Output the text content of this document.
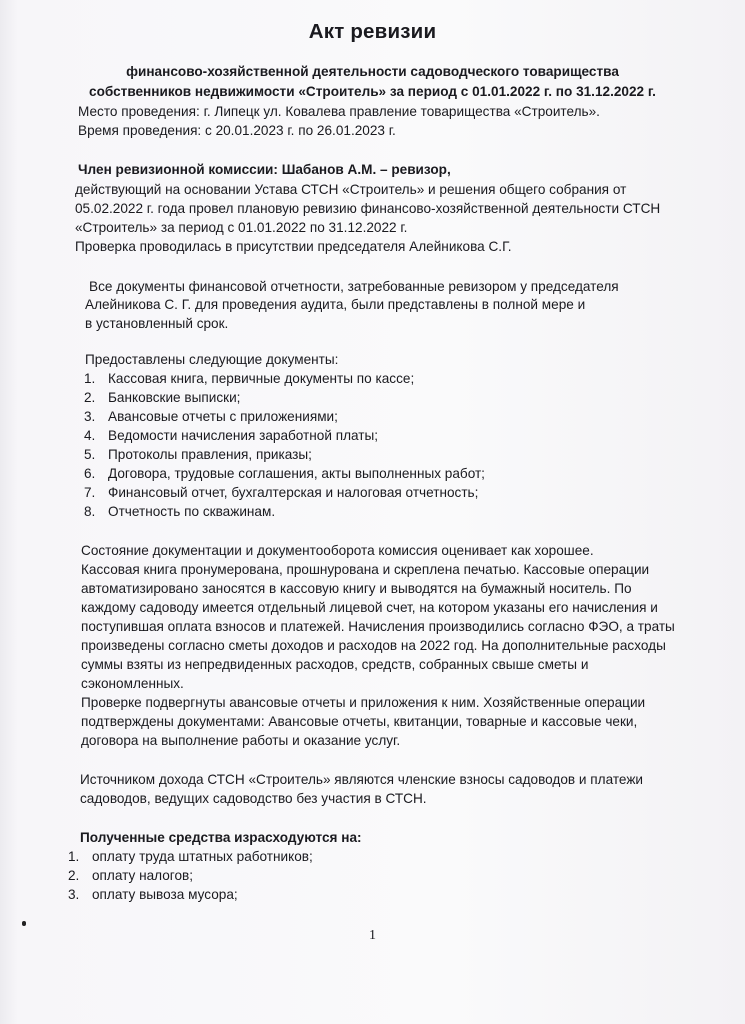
Акт ревизии
финансово-хозяйственной деятельности садоводческого товарищества
собственников недвижимости «Строитель» за период с 01.01.2022 г. по 31.12.2022 г.
Место проведения: г. Липецк ул. Ковалева правление товарищества «Строитель».
Время проведения: с 20.01.2023 г. по 26.01.2023 г.
Член ревизионной комиссии: Шабанов А.М. – ревизор,
действующий на основании Устава СТСН «Строитель» и решения общего собрания от
05.02.2022 г. года провел плановую ревизию финансово-хозяйственной деятельности СТСН
«Строитель» за период с 01.01.2022 по 31.12.2022 г.
Проверка проводилась в присутствии председателя Алейникова С.Г.
Все документы финансовой отчетности, затребованные ревизором у председателя
Алейникова С. Г. для проведения аудита, были представлены в полной мере и
в установленный срок.
Предоставлены следующие документы:
1. Кассовая книга, первичные документы по кассе;
2. Банковские выписки;
3. Авансовые отчеты с приложениями;
4. Ведомости начисления заработной платы;
5. Протоколы правления, приказы;
6. Договора, трудовые соглашения, акты выполненных работ;
7. Финансовый отчет, бухгалтерская и налоговая отчетность;
8. Отчетность по скважинам.
Состояние документации и документооборота комиссия оценивает как хорошее.
Кассовая книга пронумерована, прошнурована и скреплена печатью. Кассовые операции
автоматизировано заносятся в кассовую книгу и выводятся на бумажный носитель. По
каждому садоводу имеется отдельный лицевой счет, на котором указаны его начисления и
поступившая оплата взносов и платежей. Начисления производились согласно ФЭО, а траты
произведены согласно сметы доходов и расходов на 2022 год. На дополнительные расходы
суммы взяты из непредвиденных расходов, средств, собранных свыше сметы и
сэкономленных.
Проверке подвергнуты авансовые отчеты и приложения к ним. Хозяйственные операции
подтверждены документами: Авансовые отчеты, квитанции, товарные и кассовые чеки,
договора на выполнение работы и оказание услуг.
Источником дохода СТСН «Строитель» являются членские взносы садоводов и платежи
садоводов, ведущих садоводство без участия в СТСН.
Полученные средства израсходуются на:
1. оплату труда штатных работников;
2. оплату налогов;
3. оплату вывоза мусора;
1
